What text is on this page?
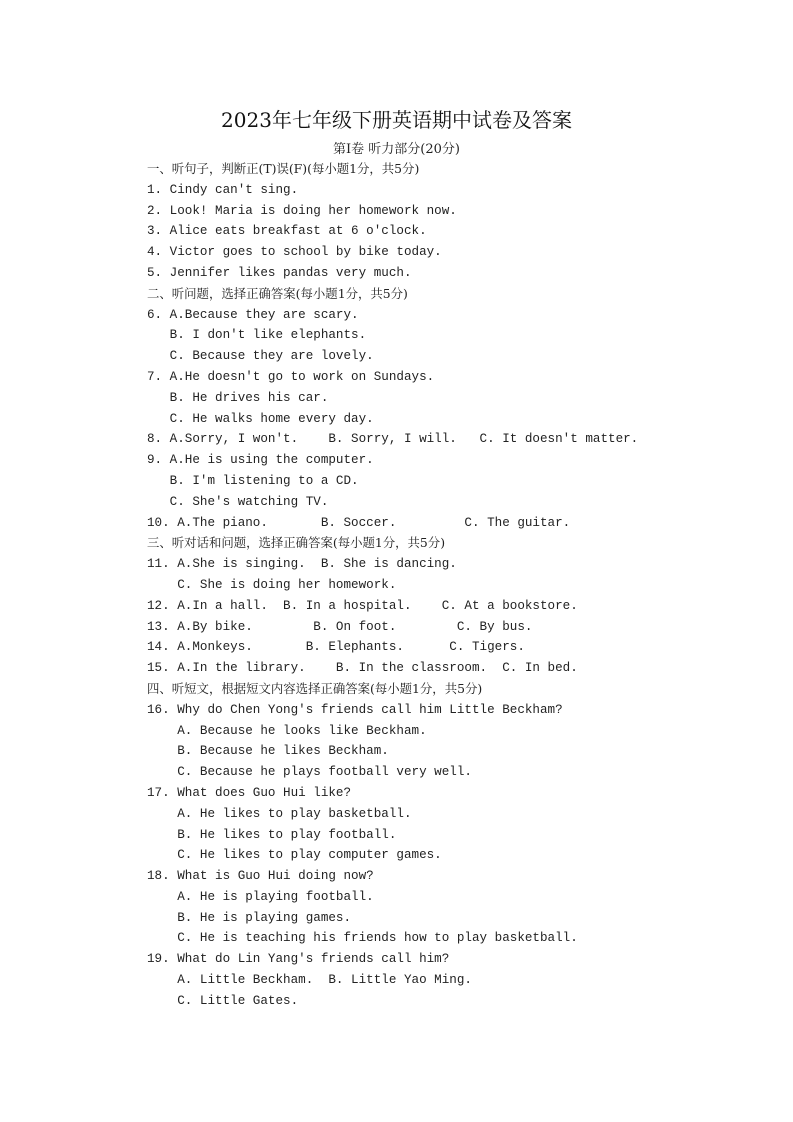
2023年七年级下册英语期中试卷及答案
第Ⅰ卷 听力部分(20分)
一、听句子，判断正(T)误(F)(每小题1分，共5分)
1. Cindy can't sing.
2. Look! Maria is doing her homework now.
3. Alice eats breakfast at 6 o'clock.
4. Victor goes to school by bike today.
5. Jennifer likes pandas very much.
二、听问题，选择正确答案(每小题1分，共5分)
6. A.Because they are scary.
B. I don't like elephants.
C. Because they are lovely.
7. A.He doesn't go to work on Sundays.
B. He drives his car.
C. He walks home every day.
8. A.Sorry, I won't.    B. Sorry, I will.   C. It doesn't matter.
9. A.He is using the computer.
B. I'm listening to a CD.
C. She's watching TV.
10. A.The piano.       B. Soccer.         C. The guitar.
三、听对话和问题，选择正确答案(每小题1分，共5分)
11. A.She is singing.  B. She is dancing.
C. She is doing her homework.
12. A.In a hall.  B. In a hospital.    C. At a bookstore.
13. A.By bike.        B. On foot.        C. By bus.
14. A.Monkeys.       B. Elephants.      C. Tigers.
15. A.In the library.    B. In the classroom.  C. In bed.
四、听短文，根据短文内容选择正确答案(每小题1分，共5分)
16. Why do Chen Yong's friends call him Little Beckham?
A. Because he looks like Beckham.
B. Because he likes Beckham.
C. Because he plays football very well.
17. What does Guo Hui like?
A. He likes to play basketball.
B. He likes to play football.
C. He likes to play computer games.
18. What is Guo Hui doing now?
A. He is playing football.
B. He is playing games.
C. He is teaching his friends how to play basketball.
19. What do Lin Yang's friends call him?
A. Little Beckham.  B. Little Yao Ming.
C. Little Gates.
